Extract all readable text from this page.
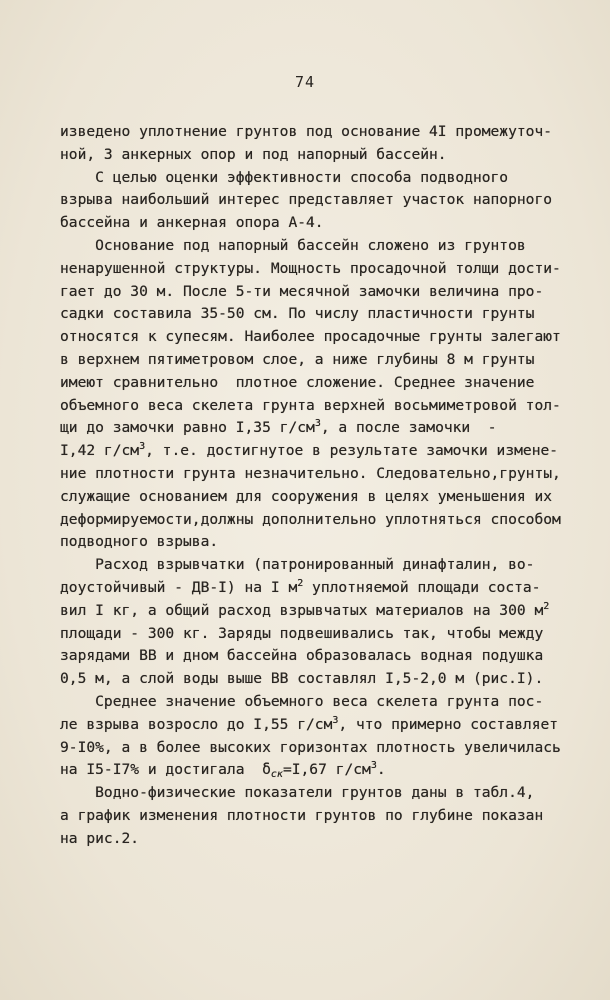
74
изведено уплотнение грунтов под основание 4I промежуточ-
ной, 3 анкерных опор и под напорный бассейн.
С целью оценки эффективности способа подводного
взрыва наибольший интерес представляет участок напорного
бассейна и анкерная опора А-4.
Основание под напорный бассейн сложено из грунтов
ненарушенной структуры. Мощность просадочной толщи дости-
гает до 30 м. После 5-ти месячной замочки величина про-
садки составила 35-50 см. По числу пластичности грунты
относятся к супесям. Наиболее просадочные грунты залегают
в верхнем пятиметровом слое, а ниже глубины 8 м грунты
имеют сравнительно  плотное сложение. Среднее значение
объемного веса скелета грунта верхней восьмиметровой тол-
щи до замочки равно I,35 $г/см^3$, а после замочки  -
I,42 $г/см^3$, т.е. достигнутое в результате замочки измене-
ние плотности грунта незначительно. Следовательно,грунты,
служащие основанием для сооружения в целях уменьшения их
деформируемости,должны дополнительно уплотняться способом
подводного взрыва.
Расход взрывчатки (патронированный динафталин, во-
доустойчивый - ДВ-I) на I $м^2$ уплотняемой площади соста-
вил I кг, а общий расход взрывчатых материалов на 300 $м^2$
площади - 300 кг. Заряды подвешивались так, чтобы между
зарядами ВВ и дном бассейна образовалась водная подушка
0,5 м, а слой воды выше ВВ составлял I,5-2,0 м (рис.I).
Среднее значение объемного веса скелета грунта пос-
ле взрыва возросло до I,55 $г/см^3$, что примерно составляет
9-I0%, а в более высоких горизонтах плотность увеличилась
на I5-I7% и достигала  $\delta_{ск}=I,67$ $г/см^3$.
Водно-физические показатели грунтов даны в табл.4,
а график изменения плотности грунтов по глубине показан
на рис.2.
